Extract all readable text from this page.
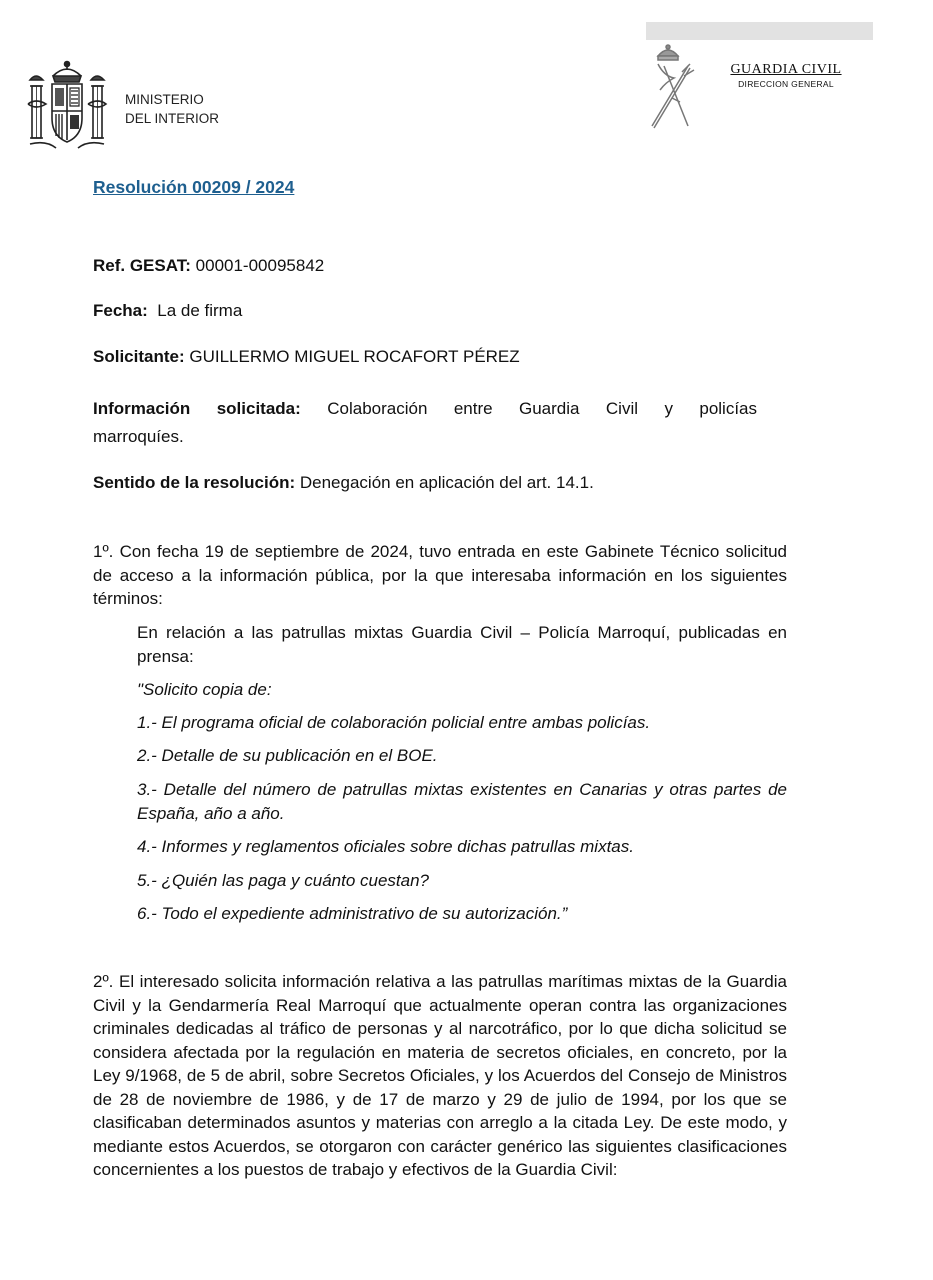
MINISTERIO
DEL INTERIOR
GUARDIA CIVIL
DIRECCION GENERAL
Resolución 00209 / 2024
Ref. GESAT: 00001-00095842
Fecha: La de firma
Solicitante: GUILLERMO MIGUEL ROCAFORT PÉREZ
Información solicitada: Colaboración entre Guardia Civil y policías
marroquíes.
Sentido de la resolución: Denegación en aplicación del art. 14.1.
1º. Con fecha 19 de septiembre de 2024, tuvo entrada en este Gabinete Técnico solicitud de acceso a la información pública, por la que interesaba información en los siguientes términos:
En relación a las patrullas mixtas Guardia Civil – Policía Marroquí, publicadas en prensa:
"Solicito copia de:
1.- El programa oficial de colaboración policial entre ambas policías.
2.- Detalle de su publicación en el BOE.
3.- Detalle del número de patrullas mixtas existentes en Canarias y otras partes de España, año a año.
4.- Informes y reglamentos oficiales sobre dichas patrullas mixtas.
5.- ¿Quién las paga y cuánto cuestan?
6.- Todo el expediente administrativo de su autorización.”
2º. El interesado solicita información relativa a las patrullas marítimas mixtas de la Guardia Civil y la Gendarmería Real Marroquí que actualmente operan contra las organizaciones criminales dedicadas al tráfico de personas y al narcotráfico, por lo que dicha solicitud se considera afectada por la regulación en materia de secretos oficiales, en concreto, por la Ley 9/1968, de 5 de abril, sobre Secretos Oficiales, y los Acuerdos del Consejo de Ministros de 28 de noviembre de 1986, y de 17 de marzo y 29 de julio de 1994, por los que se clasificaban determinados asuntos y materias con arreglo a la citada Ley. De este modo, y mediante estos Acuerdos, se otorgaron con carácter genérico las siguientes clasificaciones concernientes a los puestos de trabajo y efectivos de la Guardia Civil:
